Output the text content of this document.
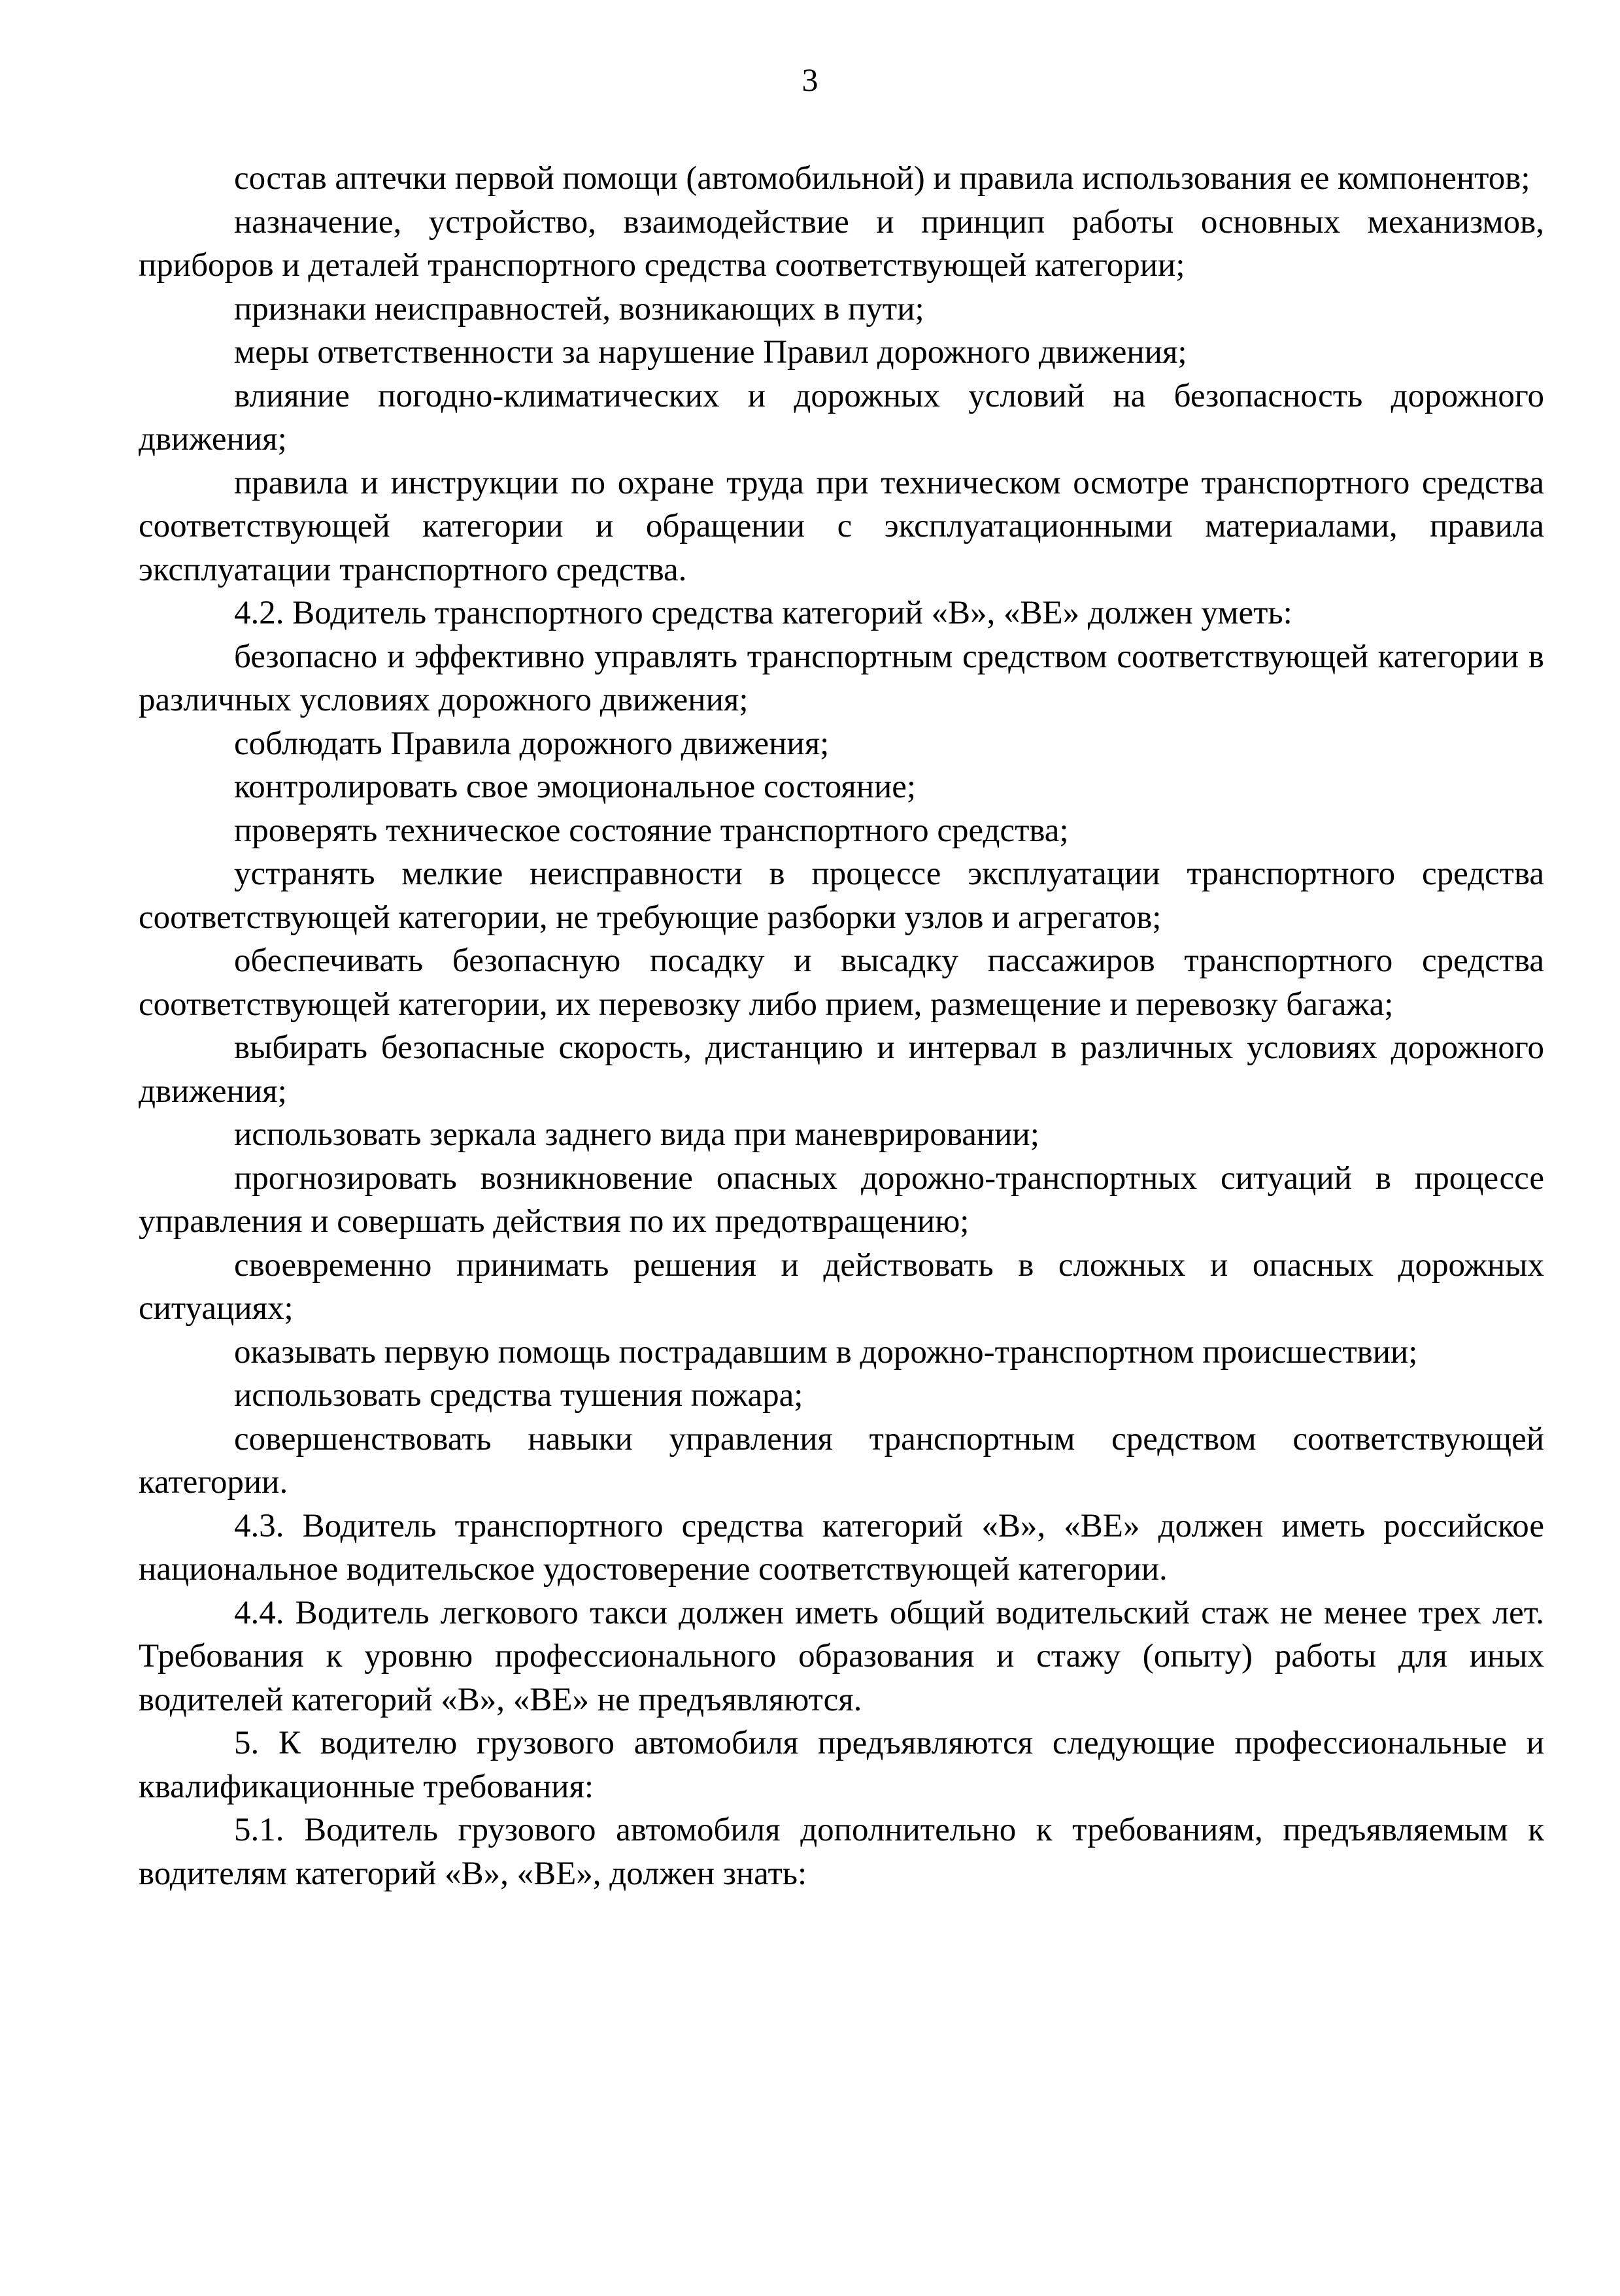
3

состав аптечки первой помощи (автомобильной) и правила использования ее компонентов;

назначение, устройство, взаимодействие и принцип работы основных механизмов, приборов и деталей транспортного средства соответствующей категории;

признаки неисправностей, возникающих в пути;

меры ответственности за нарушение Правил дорожного движения;

влияние погодно-климатических и дорожных условий на безопасность дорожного движения;

правила и инструкции по охране труда при техническом осмотре транспортного средства соответствующей категории и обращении с эксплуатационными материалами, правила эксплуатации транспортного средства.

4.2. Водитель транспортного средства категорий «В», «ВЕ» должен уметь:

безопасно и эффективно управлять транспортным средством соответствующей категории в различных условиях дорожного движения;

соблюдать Правила дорожного движения;

контролировать свое эмоциональное состояние;

проверять техническое состояние транспортного средства;

устранять мелкие неисправности в процессе эксплуатации транспортного средства соответствующей категории, не требующие разборки узлов и агрегатов;

обеспечивать безопасную посадку и высадку пассажиров транспортного средства соответствующей категории, их перевозку либо прием, размещение и перевозку багажа;

выбирать безопасные скорость, дистанцию и интервал в различных условиях дорожного движения;

использовать зеркала заднего вида при маневрировании;

прогнозировать возникновение опасных дорожно-транспортных ситуаций в процессе управления и совершать действия по их предотвращению;

своевременно принимать решения и действовать в сложных и опасных дорожных ситуациях;

оказывать первую помощь пострадавшим в дорожно-транспортном происшествии;

использовать средства тушения пожара;

совершенствовать навыки управления транспортным средством соответствующей категории.

4.3. Водитель транспортного средства категорий «В», «ВЕ» должен иметь российское национальное водительское удостоверение соответствующей категории.

4.4. Водитель легкового такси должен иметь общий водительский стаж не менее трех лет. Требования к уровню профессионального образования и стажу (опыту) работы для иных водителей категорий «В», «ВЕ» не предъявляются.

5. К водителю грузового автомобиля предъявляются следующие профессиональные и квалификационные требования:

5.1. Водитель грузового автомобиля дополнительно к требованиям, предъявляемым к водителям категорий «В», «ВЕ», должен знать:
